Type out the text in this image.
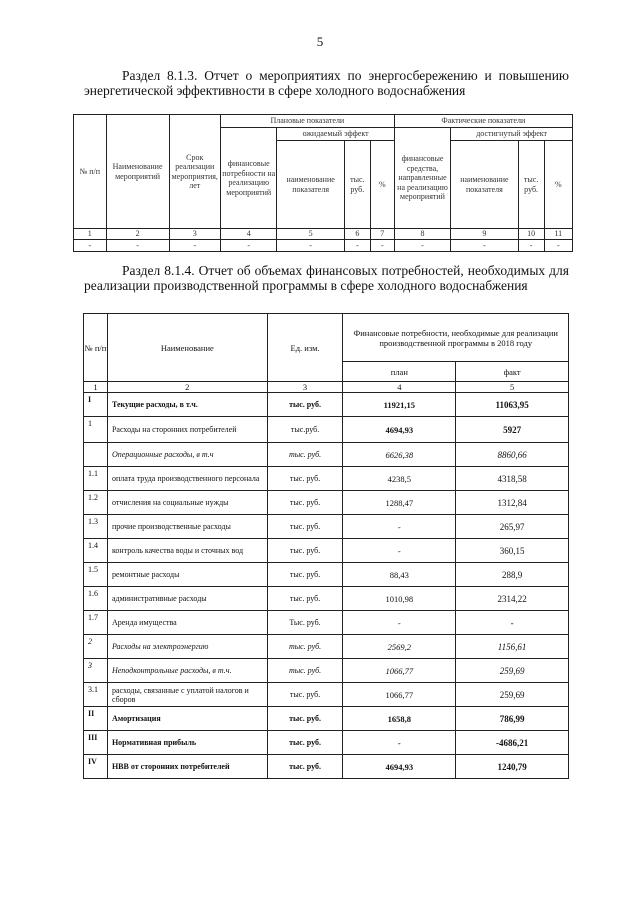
5
Раздел 8.1.3. Отчет о мероприятиях по энергосбережению и повышению энергетической эффективности в сфере холодного водоснабжения
№ п/п	Наименование мероприятий	Срок реализации мероприятия, лет	Плановые показатели				Фактические показатели			
			финансовые потребности на реализацию мероприятий	ожидаемый эффект			финансовые средства, направленные на реализацию мероприятий	достигнутый эффект		
				наименование показателя	тыс. руб.	%		наименование показателя	тыс. руб.	%
1	2	3	4	5	6	7	8	9	10	11
-	-	-	-	-	-	-	-	-	-	-
Раздел 8.1.4. Отчет об объемах финансовых потребностей, необходимых для реализации производственной программы в сфере холодного водоснабжения
№ п/п	Наименование	Ед. изм.	Финансовые потребности, необходимые для реализации производственной программы в 2018 году	
			план	факт
1	2	3	4	5
I	Текущие расходы, в т.ч.	тыс. руб.	11921,15	11063,95
1	Расходы на сторонних потребителей	тыс.руб.	4694,93	5927
	Операционные расходы, в т.ч	тыс. руб.	6626,38	8860,66
1.1	оплата труда производственного персонала	тыс. руб.	4238,5	4318,58
1.2	отчисления на социальные нужды	тыс. руб.	1288,47	1312,84
1.3	прочие производственные расходы	тыс. руб.	-	265,97
1.4	контроль качества воды и сточных вод	тыс. руб.	-	360,15
1.5	ремонтные расходы	тыс. руб.	88,43	288,9
1.6	административные расходы	тыс. руб.	1010,98	2314,22
1.7	Аренда имущества	Тыс. руб.	-	-
2	Расходы на электроэнергию	тыс. руб.	2569,2	1156,61
3	Неподконтрольные расходы, в т.ч.	тыс. руб.	1066,77	259,69
3.1	расходы, связанные с уплатой налогов и сборов	тыс. руб.	1066,77	259,69
II	Амортизация	тыс. руб.	1658,8	786,99
III	Нормативная прибыль	тыс. руб.	-	-4686,21
IV	НВВ от сторонних потребителей	тыс. руб.	4694,93	1240,79
